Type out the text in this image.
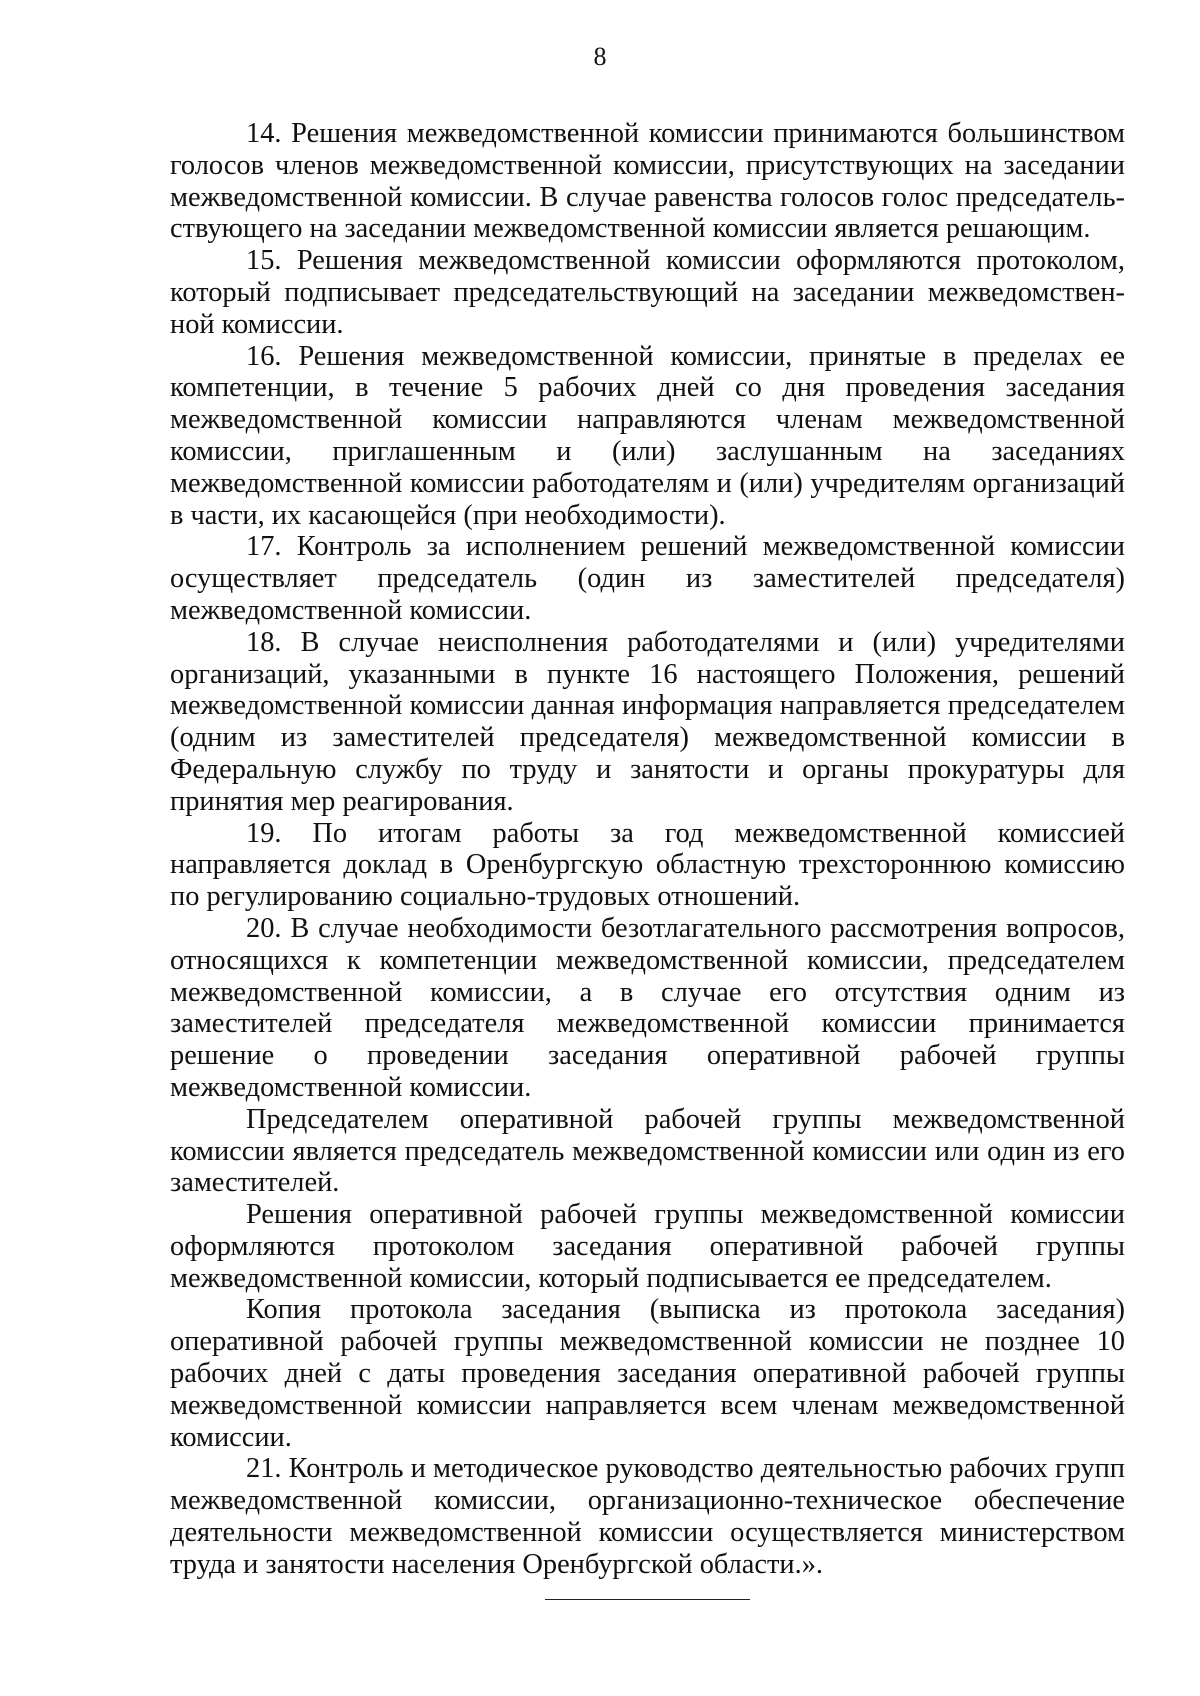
8

14. Решения межведомственной комиссии принимаются большинством голосов членов межведомственной комиссии, присутствующих на заседании межведомственной комиссии. В случае равенства голосов голос председательствующего на заседании межведомственной комиссии является решающим.

15. Решения межведомственной комиссии оформляются протоколом, который подписывает председательствующий на заседании межведомственной комиссии.

16. Решения межведомственной комиссии, принятые в пределах ее компетенции, в течение 5 рабочих дней со дня проведения заседания межведомственной комиссии направляются членам межведомственной комиссии, приглашенным и (или) заслушанным на заседаниях межведомственной комиссии работодателям и (или) учредителям организаций в части, их касающейся (при необходимости).

17. Контроль за исполнением решений межведомственной комиссии осуществляет председатель (один из заместителей председателя) межведомственной комиссии.

18. В случае неисполнения работодателями и (или) учредителями организаций, указанными в пункте 16 настоящего Положения, решений межведомственной комиссии данная информация направляется председателем (одним из заместителей председателя) межведомственной комиссии в Федеральную службу по труду и занятости и органы прокуратуры для принятия мер реагирования.

19. По итогам работы за год межведомственной комиссией направляется доклад в Оренбургскую областную трехстороннюю комиссию по регулированию социально-трудовых отношений.

20. В случае необходимости безотлагательного рассмотрения вопросов, относящихся к компетенции межведомственной комиссии, председателем межведомственной комиссии, а в случае его отсутствия одним из заместителей председателя межведомственной комиссии принимается решение о проведении заседания оперативной рабочей группы межведомственной комиссии.

Председателем оперативной рабочей группы межведомственной комиссии является председатель межведомственной комиссии или один из его заместителей.

Решения оперативной рабочей группы межведомственной комиссии оформляются протоколом заседания оперативной рабочей группы межведомственной комиссии, который подписывается ее председателем.

Копия протокола заседания (выписка из протокола заседания) оперативной рабочей группы межведомственной комиссии не позднее 10 рабочих дней с даты проведения заседания оперативной рабочей группы межведомственной комиссии направляется всем членам межведомственной комиссии.

21. Контроль и методическое руководство деятельностью рабочих групп межведомственной комиссии, организационно-техническое обеспечение деятельности межведомственной комиссии осуществляется министерством труда и занятости населения Оренбургской области.».
